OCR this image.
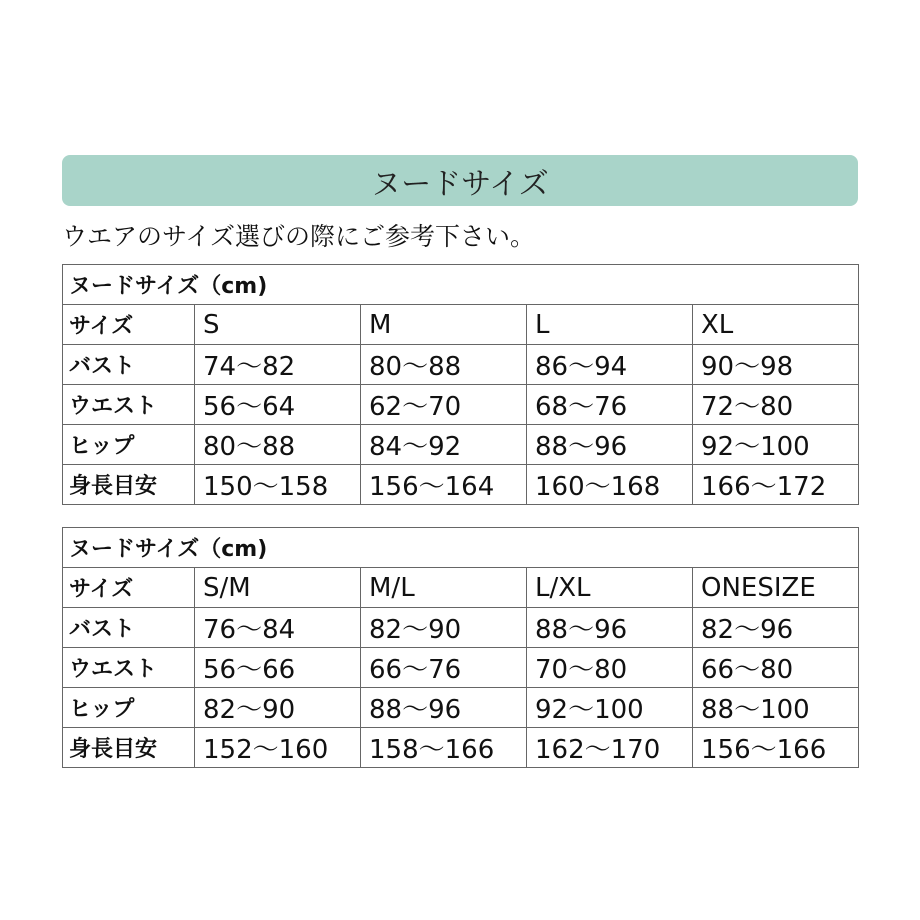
ヌードサイズ
ウエアのサイズ選びの際にご参考下さい。
ヌードサイズ（cm)				
サイズ	S	M	L	XL
バスト	74〜82	80〜88	86〜94	90〜98
ウエスト	56〜64	62〜70	68〜76	72〜80
ヒップ	80〜88	84〜92	88〜96	92〜100
身長目安	150〜158	156〜164	160〜168	166〜172
ヌードサイズ（cm)				
サイズ	S/M	M/L	L/XL	ONESIZE
バスト	76〜84	82〜90	88〜96	82〜96
ウエスト	56〜66	66〜76	70〜80	66〜80
ヒップ	82〜90	88〜96	92〜100	88〜100
身長目安	152〜160	158〜166	162〜170	156〜166
